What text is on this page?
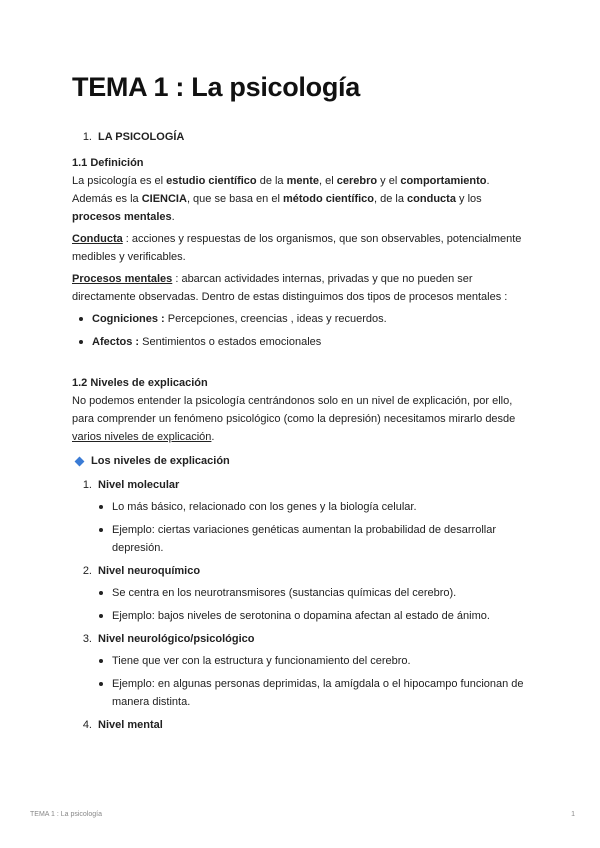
TEMA 1 : La psicología
1. LA PSICOLOGÍA

1.1 Definición

La psicología es el estudio científico de la mente, el cerebro y el comportamiento. Además es la CIENCIA, que se basa en el método científico, de la conducta y los procesos mentales.

Conducta : acciones y respuestas de los organismos, que son observables, potencialmente medibles y verificables.

Procesos mentales : abarcan actividades internas, privadas y que no pueden ser directamente observadas. Dentro de estas distinguimos dos tipos de procesos mentales :

Cogniciones : Percepciones, creencias , ideas y recuerdos.
Afectos : Sentimientos o estados emocionales

1.2 Niveles de explicación

No podemos entender la psicología centrándonos solo en un nivel de explicación, por ello, para comprender un fenómeno psicológico (como la depresión) necesitamos mirarlo desde varios niveles de explicación.

Los niveles de explicación
1. Nivel molecular
Lo más básico, relacionado con los genes y la biología celular.
Ejemplo: ciertas variaciones genéticas aumentan la probabilidad de desarrollar depresión.
2. Nivel neuroquímico
Se centra en los neurotransmisores (sustancias químicas del cerebro).
Ejemplo: bajos niveles de serotonina o dopamina afectan al estado de ánimo.
3. Nivel neurológico/psicológico
Tiene que ver con la estructura y funcionamiento del cerebro.
Ejemplo: en algunas personas deprimidas, la amígdala o el hipocampo funcionan de manera distinta.
4. Nivel mental
TEMA 1 : La psicología	1
